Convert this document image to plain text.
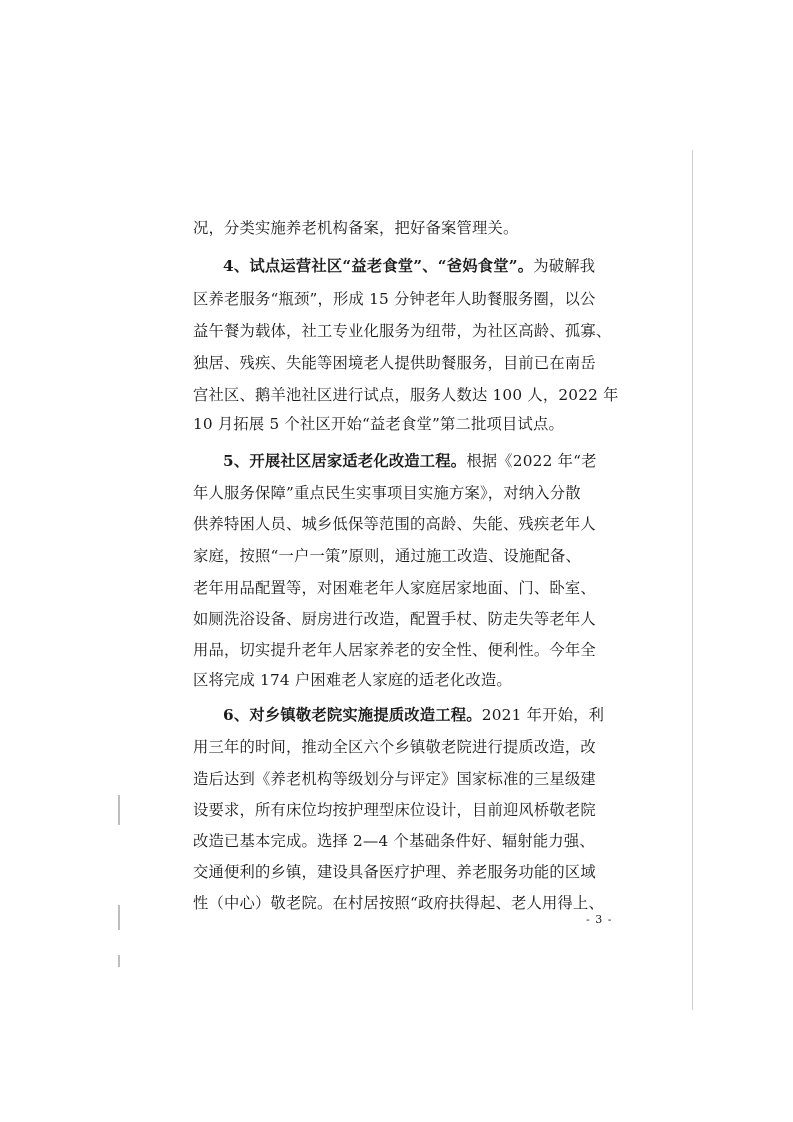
况，分类实施养老机构备案，把好备案管理关。
4、试点运营社区“益老食堂”、“爸妈食堂”。为破解我
区养老服务“瓶颈”，形成 15 分钟老年人助餐服务圈，以公
益午餐为载体，社工专业化服务为纽带，为社区高龄、孤寡、
独居、残疾、失能等困境老人提供助餐服务，目前已在南岳
宫社区、鹅羊池社区进行试点，服务人数达 100 人，2022 年
10 月拓展 5 个社区开始“益老食堂”第二批项目试点。
5、开展社区居家适老化改造工程。根据《2022 年“老
年人服务保障”重点民生实事项目实施方案》，对纳入分散
供养特困人员、城乡低保等范围的高龄、失能、残疾老年人
家庭，按照“一户一策”原则，通过施工改造、设施配备、
老年用品配置等，对困难老年人家庭居家地面、门、卧室、
如厕洗浴设备、厨房进行改造，配置手杖、防走失等老年人
用品，切实提升老年人居家养老的安全性、便利性。今年全
区将完成 174 户困难老人家庭的适老化改造。
6、对乡镇敬老院实施提质改造工程。2021 年开始，利
用三年的时间，推动全区六个乡镇敬老院进行提质改造，改
造后达到《养老机构等级划分与评定》国家标准的三星级建
设要求，所有床位均按护理型床位设计，目前迎风桥敬老院
改造已基本完成。选择 2—4 个基础条件好、辐射能力强、
交通便利的乡镇，建设具备医疗护理、养老服务功能的区域
性（中心）敬老院。在村居按照“政府扶得起、老人用得上、
- 3 -
